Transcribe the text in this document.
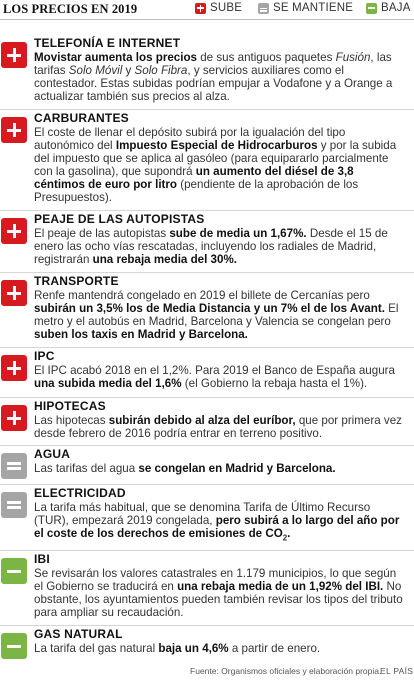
LOS PRECIOS EN 2019	SUBE	SE MANTIENE BAJA
TELEFONÍA E INTERNET
Movistar aumenta los precios de sus antiguos paquetes Fusión, las tarifas Solo Móvil y Solo Fibra, y servicios auxiliares como el contestador. Estas subidas podrían empujar a Vodafone y a Orange a actualizar también sus precios al alza.
CARBURANTES
El coste de llenar el depósito subirá por la igualación del tipo autonómico del Impuesto Especial de Hidrocarburos y por la subida del impuesto que se aplica al gasóleo (para equipararlo parcialmente con la gasolina), que supondrá un aumento del diésel de 3,8 céntimos de euro por litro (pendiente de la aprobación de los Presupuestos).
PEAJE DE LAS AUTOPISTAS
El peaje de las autopistas sube de media un 1,67%. Desde el 15 de enero las ocho vías rescatadas, incluyendo los radiales de Madrid, registrarán una rebaja media del 30%.
TRANSPORTE
Renfe mantendrá congelado en 2019 el billete de Cercanías pero subirán un 3,5% los de Media Distancia y un 7% el de los Avant. El metro y el autobús en Madrid, Barcelona y Valencia se congelan pero suben los taxis en Madrid y Barcelona.
IPC
El IPC acabó 2018 en el 1,2%. Para 2019 el Banco de España augura una subida media del 1,6% (el Gobierno la rebaja hasta el 1%).
HIPOTECAS
Las hipotecas subirán debido al alza del euríbor, que por primera vez desde febrero de 2016 podría entrar en terreno positivo.
AGUA
Las tarifas del agua se congelan en Madrid y Barcelona.
ELECTRICIDAD
La tarifa más habitual, que se denomina Tarifa de Último Recurso (TUR), empezará 2019 congelada, pero subirá a lo largo del año por el coste de los derechos de emisiones de $CO_2$.
IBI
Se revisarán los valores catastrales en 1.179 municipios, lo que según el Gobierno se traducirá en una rebaja media de un 1,92% del IBI. No obstante, los ayuntamientos pueden también revisar los tipos del tributo para ampliar su recaudación.
GAS NATURAL
La tarifa del gas natural baja un 4,6% a partir de enero.
Fuente: Organismos oficiales y elaboración propia.
EL PAÍS
